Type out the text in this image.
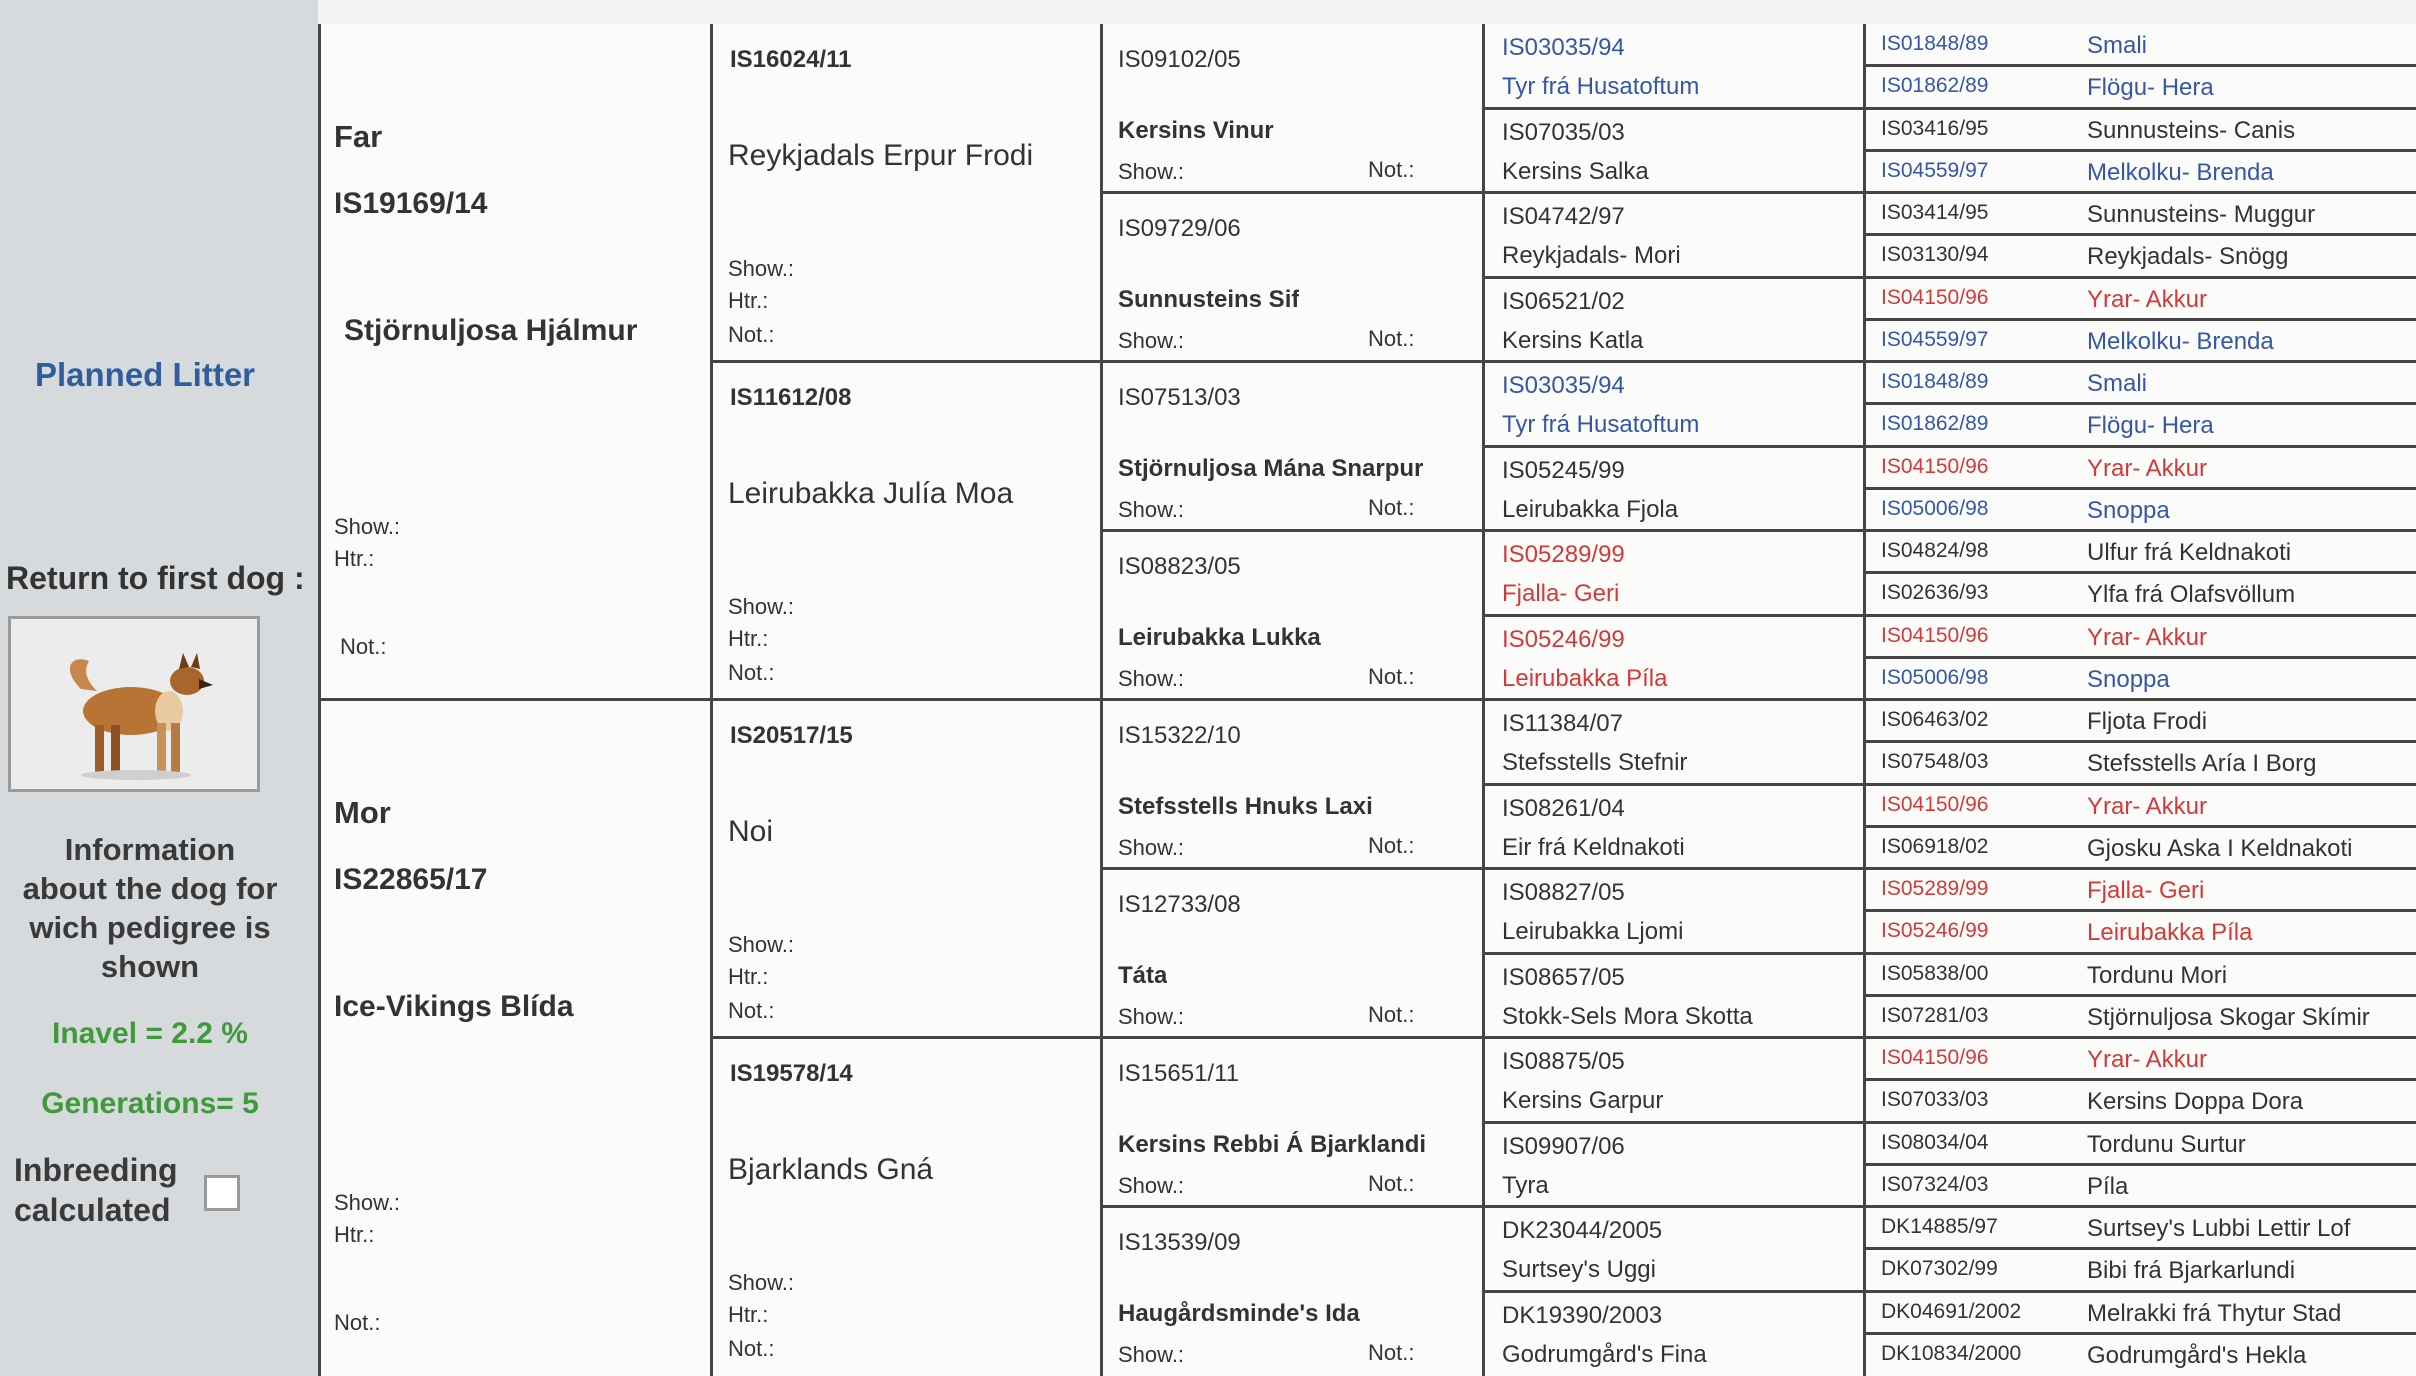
Planned Litter
Return to first dog :
Information
about the dog for
wich pedigree is
shown
Inavel = 2.2 %
Generations= 5
Inbreeding
calculated
Far
IS19169/14
Stjörnuljosa Hjálmur
Show.:
Htr.:
Not.:
Mor
IS22865/17
Ice-Vikings Blída
Show.:
Htr.:
Not.:
IS16024/11
Reykjadals Erpur Frodi
Show.:
Htr.:
Not.:
IS11612/08
Leirubakka Julía Moa
Show.:
Htr.:
Not.:
IS20517/15
Noi
Show.:
Htr.:
Not.:
IS19578/14
Bjarklands Gná
Show.:
Htr.:
Not.:
IS09102/05
Kersins Vinur
Show.:	Not.:
IS09729/06
Sunnusteins Sif
Show.:	Not.:
IS07513/03
Stjörnuljosa Mána Snarpur
Show.:	Not.:
IS08823/05
Leirubakka Lukka
Show.:	Not.:
IS15322/10
Stefsstells Hnuks Laxi
Show.:	Not.:
IS12733/08
Táta
Show.:	Not.:
IS15651/11
Kersins Rebbi Á Bjarklandi
Show.:	Not.:
IS13539/09
Haugårdsminde's Ida
Show.:	Not.:
IS03035/94
Tyr frá Husatoftum
IS07035/03
Kersins Salka
IS04742/97
Reykjadals- Mori
IS06521/02
Kersins Katla
IS03035/94
Tyr frá Husatoftum
IS05245/99
Leirubakka Fjola
IS05289/99
Fjalla- Geri
IS05246/99
Leirubakka Píla
IS11384/07
Stefsstells Stefnir
IS08261/04
Eir frá Keldnakoti
IS08827/05
Leirubakka Ljomi
IS08657/05
Stokk-Sels Mora Skotta
IS08875/05
Kersins Garpur
IS09907/06
Tyra
DK23044/2005
Surtsey's Uggi
DK19390/2003
Godrumgård's Fina
IS01848/89	Smali
IS01862/89	Flögu- Hera
IS03416/95	Sunnusteins- Canis
IS04559/97	Melkolku- Brenda
IS03414/95	Sunnusteins- Muggur
IS03130/94	Reykjadals- Snögg
IS04150/96	Yrar- Akkur
IS04559/97	Melkolku- Brenda
IS01848/89	Smali
IS01862/89	Flögu- Hera
IS04150/96	Yrar- Akkur
IS05006/98	Snoppa
IS04824/98	Ulfur frá Keldnakoti
IS02636/93	Ylfa frá Olafsvöllum
IS04150/96	Yrar- Akkur
IS05006/98	Snoppa
IS06463/02	Fljota Frodi
IS07548/03	Stefsstells Aría I Borg
IS04150/96	Yrar- Akkur
IS06918/02	Gjosku Aska I Keldnakoti
IS05289/99	Fjalla- Geri
IS05246/99	Leirubakka Píla
IS05838/00	Tordunu Mori
IS07281/03	Stjörnuljosa Skogar Skímir
IS04150/96	Yrar- Akkur
IS07033/03	Kersins Doppa Dora
IS08034/04	Tordunu Surtur
IS07324/03	Píla
DK14885/97	Surtsey's Lubbi Lettir Lof
DK07302/99	Bibi frá Bjarkarlundi
DK04691/2002	Melrakki frá Thytur Stad
DK10834/2000	Godrumgård's Hekla
